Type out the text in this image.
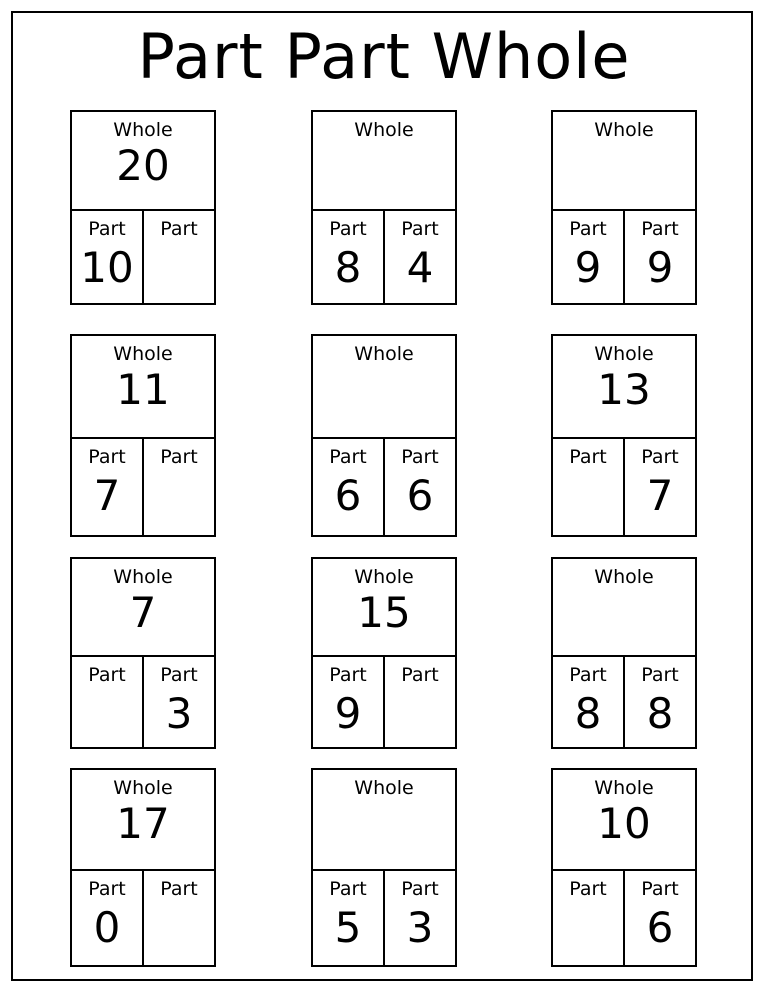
Part Part Whole
Whole
20
Part
10
Part
Whole
Part
8
Part
4
Whole
Part
9
Part
9
Whole
11
Part
7
Part
Whole
Part
6
Part
6
Whole
13
Part	Part
7
Whole
7
Part	Part
3
Whole
15
Part
9
Part
Whole
Part
8
Part
8
Whole
17
Part
0
Part
Whole
Part
5
Part
3
Whole
10
Part	Part
6
